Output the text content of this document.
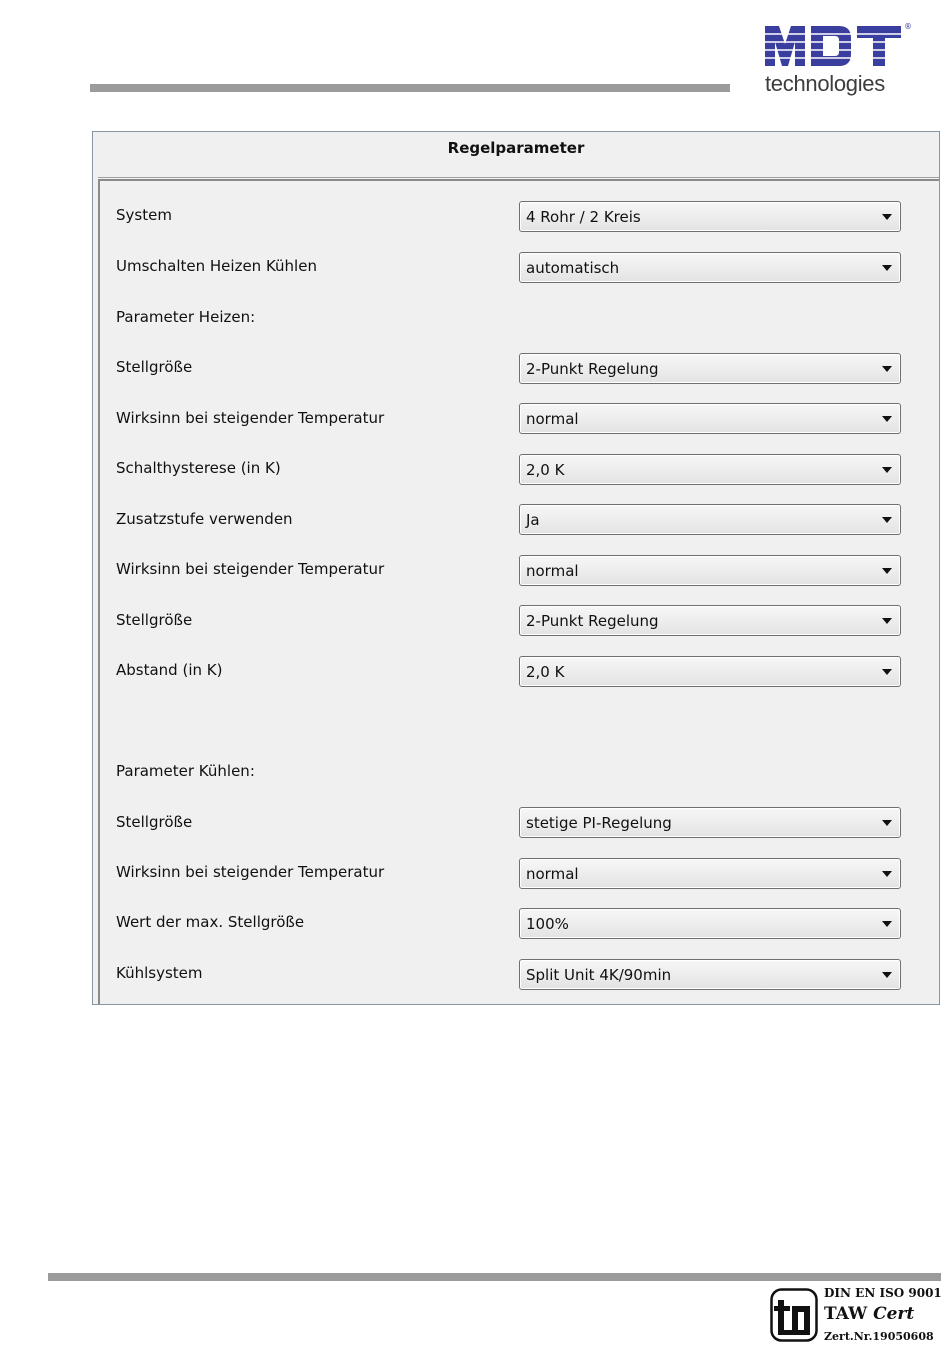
®
technologies
Regelparameter
System	4 Rohr / 2 Kreis
Umschalten Heizen Kühlen	automatisch
Parameter Heizen:
Stellgröße	2-Punkt Regelung
Wirksinn bei steigender Temperatur	normal
Schalthysterese (in K)	2,0 K
Zusatzstufe verwenden	Ja
Wirksinn bei steigender Temperatur	normal
Stellgröße	2-Punkt Regelung
Abstand (in K)	2,0 K
Parameter Kühlen:
Stellgröße	stetige PI-Regelung
Wirksinn bei steigender Temperatur	normal
Wert der max. Stellgröße	100%
Kühlsystem	Split Unit 4K/90min
DIN EN ISO 9001
TAW Cert
Zert.Nr.19050608
